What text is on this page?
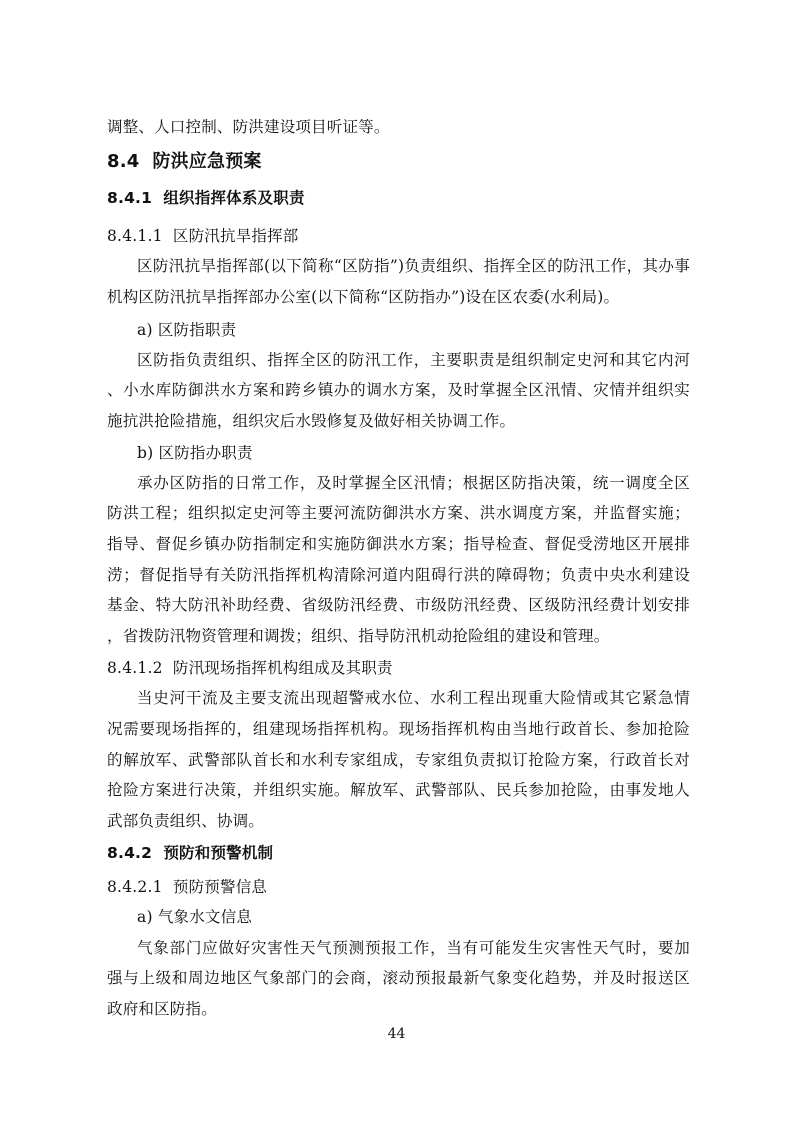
调整、人口控制、防洪建设项目听证等。
8.4 防洪应急预案
8.4.1 组织指挥体系及职责
8.4.1.1 区防汛抗旱指挥部
区防汛抗旱指挥部(以下简称“区防指”)负责组织、指挥全区的防汛工作，其办事
机构区防汛抗旱指挥部办公室(以下简称“区防指办”)设在区农委(水利局)。
a) 区防指职责
区防指负责组织、指挥全区的防汛工作，主要职责是组织制定史河和其它内河
、小水库防御洪水方案和跨乡镇办的调水方案，及时掌握全区汛情、灾情并组织实
施抗洪抢险措施，组织灾后水毁修复及做好相关协调工作。
b) 区防指办职责
承办区防指的日常工作，及时掌握全区汛情；根据区防指决策，统一调度全区
防洪工程；组织拟定史河等主要河流防御洪水方案、洪水调度方案，并监督实施；
指导、督促乡镇办防指制定和实施防御洪水方案；指导检查、督促受涝地区开展排
涝；督促指导有关防汛指挥机构清除河道内阻碍行洪的障碍物；负责中央水利建设
基金、特大防汛补助经费、省级防汛经费、市级防汛经费、区级防汛经费计划安排
，省拨防汛物资管理和调拨；组织、指导防汛机动抢险组的建设和管理。
8.4.1.2 防汛现场指挥机构组成及其职责
当史河干流及主要支流出现超警戒水位、水利工程出现重大险情或其它紧急情
况需要现场指挥的，组建现场指挥机构。现场指挥机构由当地行政首长、参加抢险
的解放军、武警部队首长和水利专家组成，专家组负责拟订抢险方案，行政首长对
抢险方案进行决策，并组织实施。解放军、武警部队、民兵参加抢险，由事发地人
武部负责组织、协调。
8.4.2 预防和预警机制
8.4.2.1 预防预警信息
a) 气象水文信息
气象部门应做好灾害性天气预测预报工作，当有可能发生灾害性天气时，要加
强与上级和周边地区气象部门的会商，滚动预报最新气象变化趋势，并及时报送区
政府和区防指。
44
